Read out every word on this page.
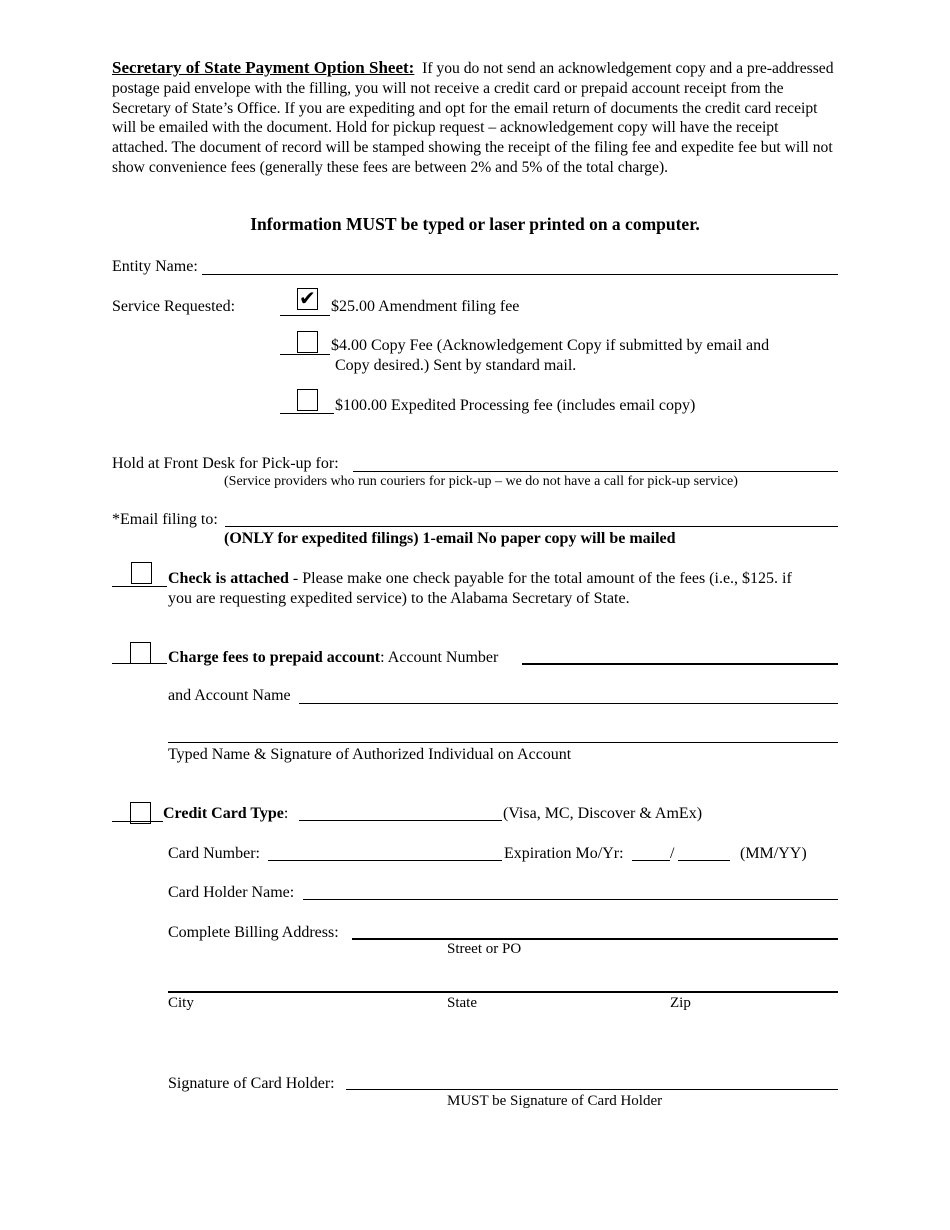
Secretary of State Payment Option Sheet: If you do not send an acknowledgement copy and a pre-addressed postage paid envelope with the filling, you will not receive a credit card or prepaid account receipt from the Secretary of State’s Office. If you are expediting and opt for the email return of documents the credit card receipt will be emailed with the document. Hold for pickup request – acknowledgement copy will have the receipt attached. The document of record will be stamped showing the receipt of the filing fee and expedite fee but will not show convenience fees (generally these fees are between 2% and 5% of the total charge).
Information MUST be typed or laser printed on a computer.
Entity Name:
Service Requested:	✔ $25.00 Amendment filing fee
$4.00 Copy Fee (Acknowledgement Copy if submitted by email and
Copy desired.) Sent by standard mail.
$100.00 Expedited Processing fee (includes email copy)
Hold at Front Desk for Pick-up for:
(Service providers who run couriers for pick-up – we do not have a call for pick-up service)
*Email filing to:
(ONLY for expedited filings) 1-email No paper copy will be mailed
Check is attached - Please make one check payable for the total amount of the fees (i.e., $125. if
you are requesting expedited service) to the Alabama Secretary of State.
Charge fees to prepaid account: Account Number
and Account Name
Typed Name & Signature of Authorized Individual on Account
Credit Card Type:	(Visa, MC, Discover & AmEx)
Card Number:	Expiration Mo/Yr:	/	(MM/YY)
Card Holder Name:
Complete Billing Address:
Street or PO
City	State	Zip
Signature of Card Holder:
MUST be Signature of Card Holder
